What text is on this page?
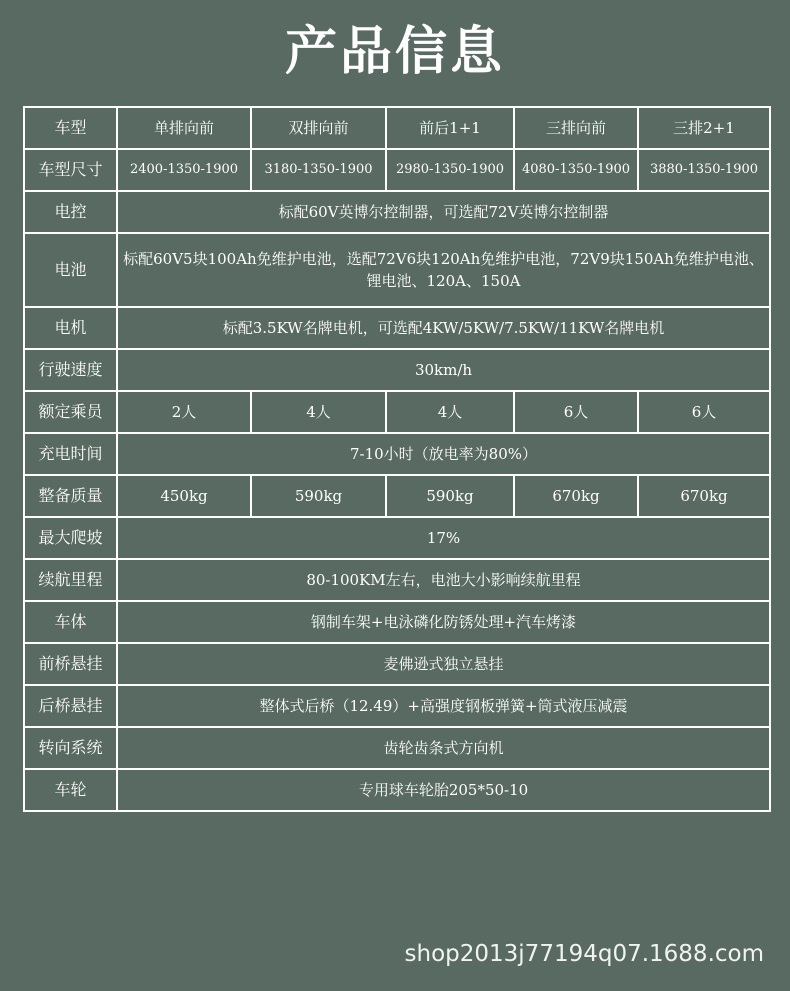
产品信息
车型	单排向前	双排向前	前后1+1	三排向前	三排2+1
车型尺寸	2400-1350-1900	3180-1350-1900	2980-1350-1900	4080-1350-1900	3880-1350-1900
电控	标配60V英博尔控制器，可选配72V英博尔控制器				
电池	标配60V5块100Ah免维护电池，选配72V6块120Ah免维护电池，72V9块150Ah免维护电池、锂电池、120A、150A				
电机	标配3.5KW名牌电机，可选配4KW/5KW/7.5KW/11KW名牌电机				
行驶速度	30km/h				
额定乘员	2人	4人	4人	6人	6人
充电时间	7-10小时（放电率为80%）				
整备质量	450kg	590kg	590kg	670kg	670kg
最大爬坡	17%				
续航里程	80-100KM左右，电池大小影响续航里程				
车体	钢制车架+电泳磷化防锈处理+汽车烤漆				
前桥悬挂	麦佛逊式独立悬挂				
后桥悬挂	整体式后桥（12.49）+高强度钢板弹簧+筒式液压减震				
转向系统	齿轮齿条式方向机				
车轮	专用球车轮胎205*50-10				
shop2013j77194q07.1688.com
